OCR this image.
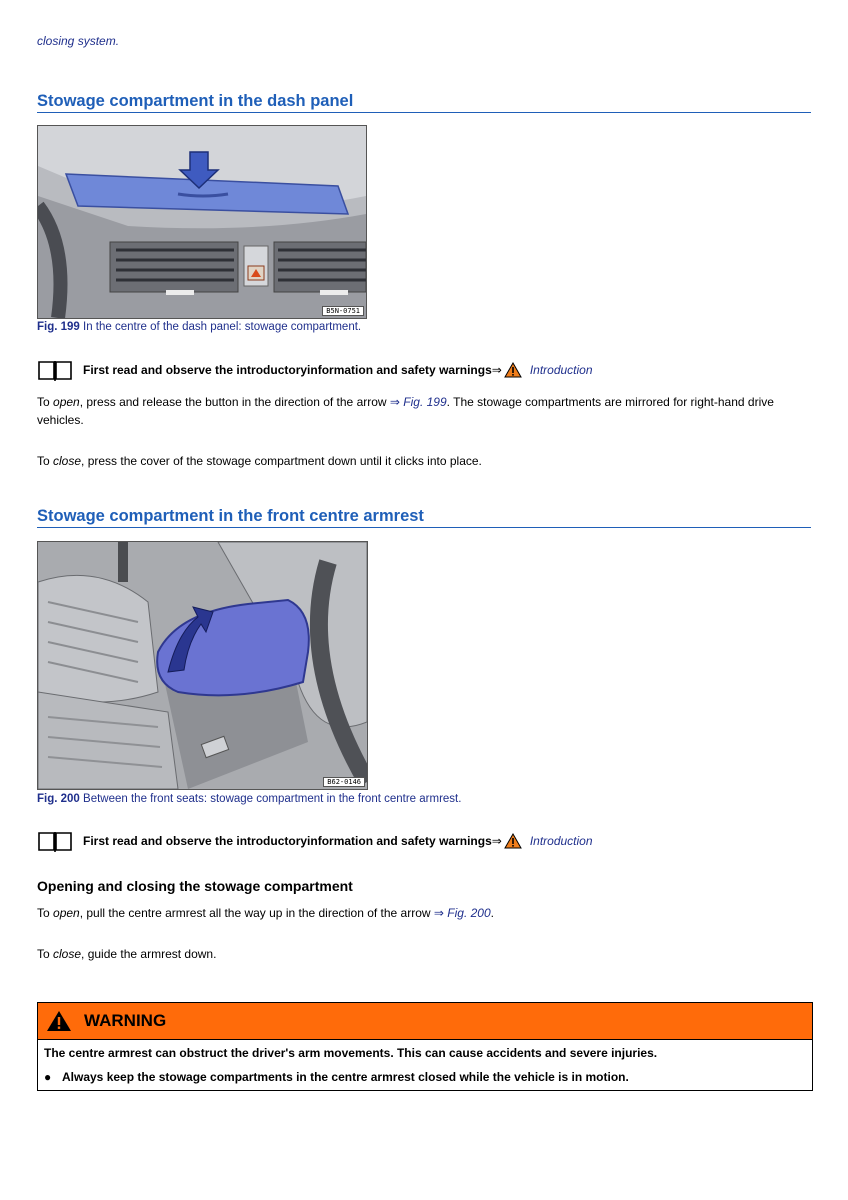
closing system.
Stowage compartment in the dash panel
B5N-0751
Fig. 199 In the centre of the dash panel: stowage compartment.
First read and observe the introductoryinformation and safety warnings ⇒ Introduction
To open, press and release the button in the direction of the arrow ⇒ Fig. 199. The stowage compartments are mirrored for right-hand drive vehicles.
To close, press the cover of the stowage compartment down until it clicks into place.
Stowage compartment in the front centre armrest
B62-0146
Fig. 200 Between the front seats: stowage compartment in the front centre armrest.
First read and observe the introductoryinformation and safety warnings ⇒ Introduction
Opening and closing the stowage compartment
To open, pull the centre armrest all the way up in the direction of the arrow ⇒ Fig. 200.
To close, guide the armrest down.
WARNING
The centre armrest can obstruct the driver's arm movements. This can cause accidents and severe injuries.
● Always keep the stowage compartments in the centre armrest closed while the vehicle is in motion.
